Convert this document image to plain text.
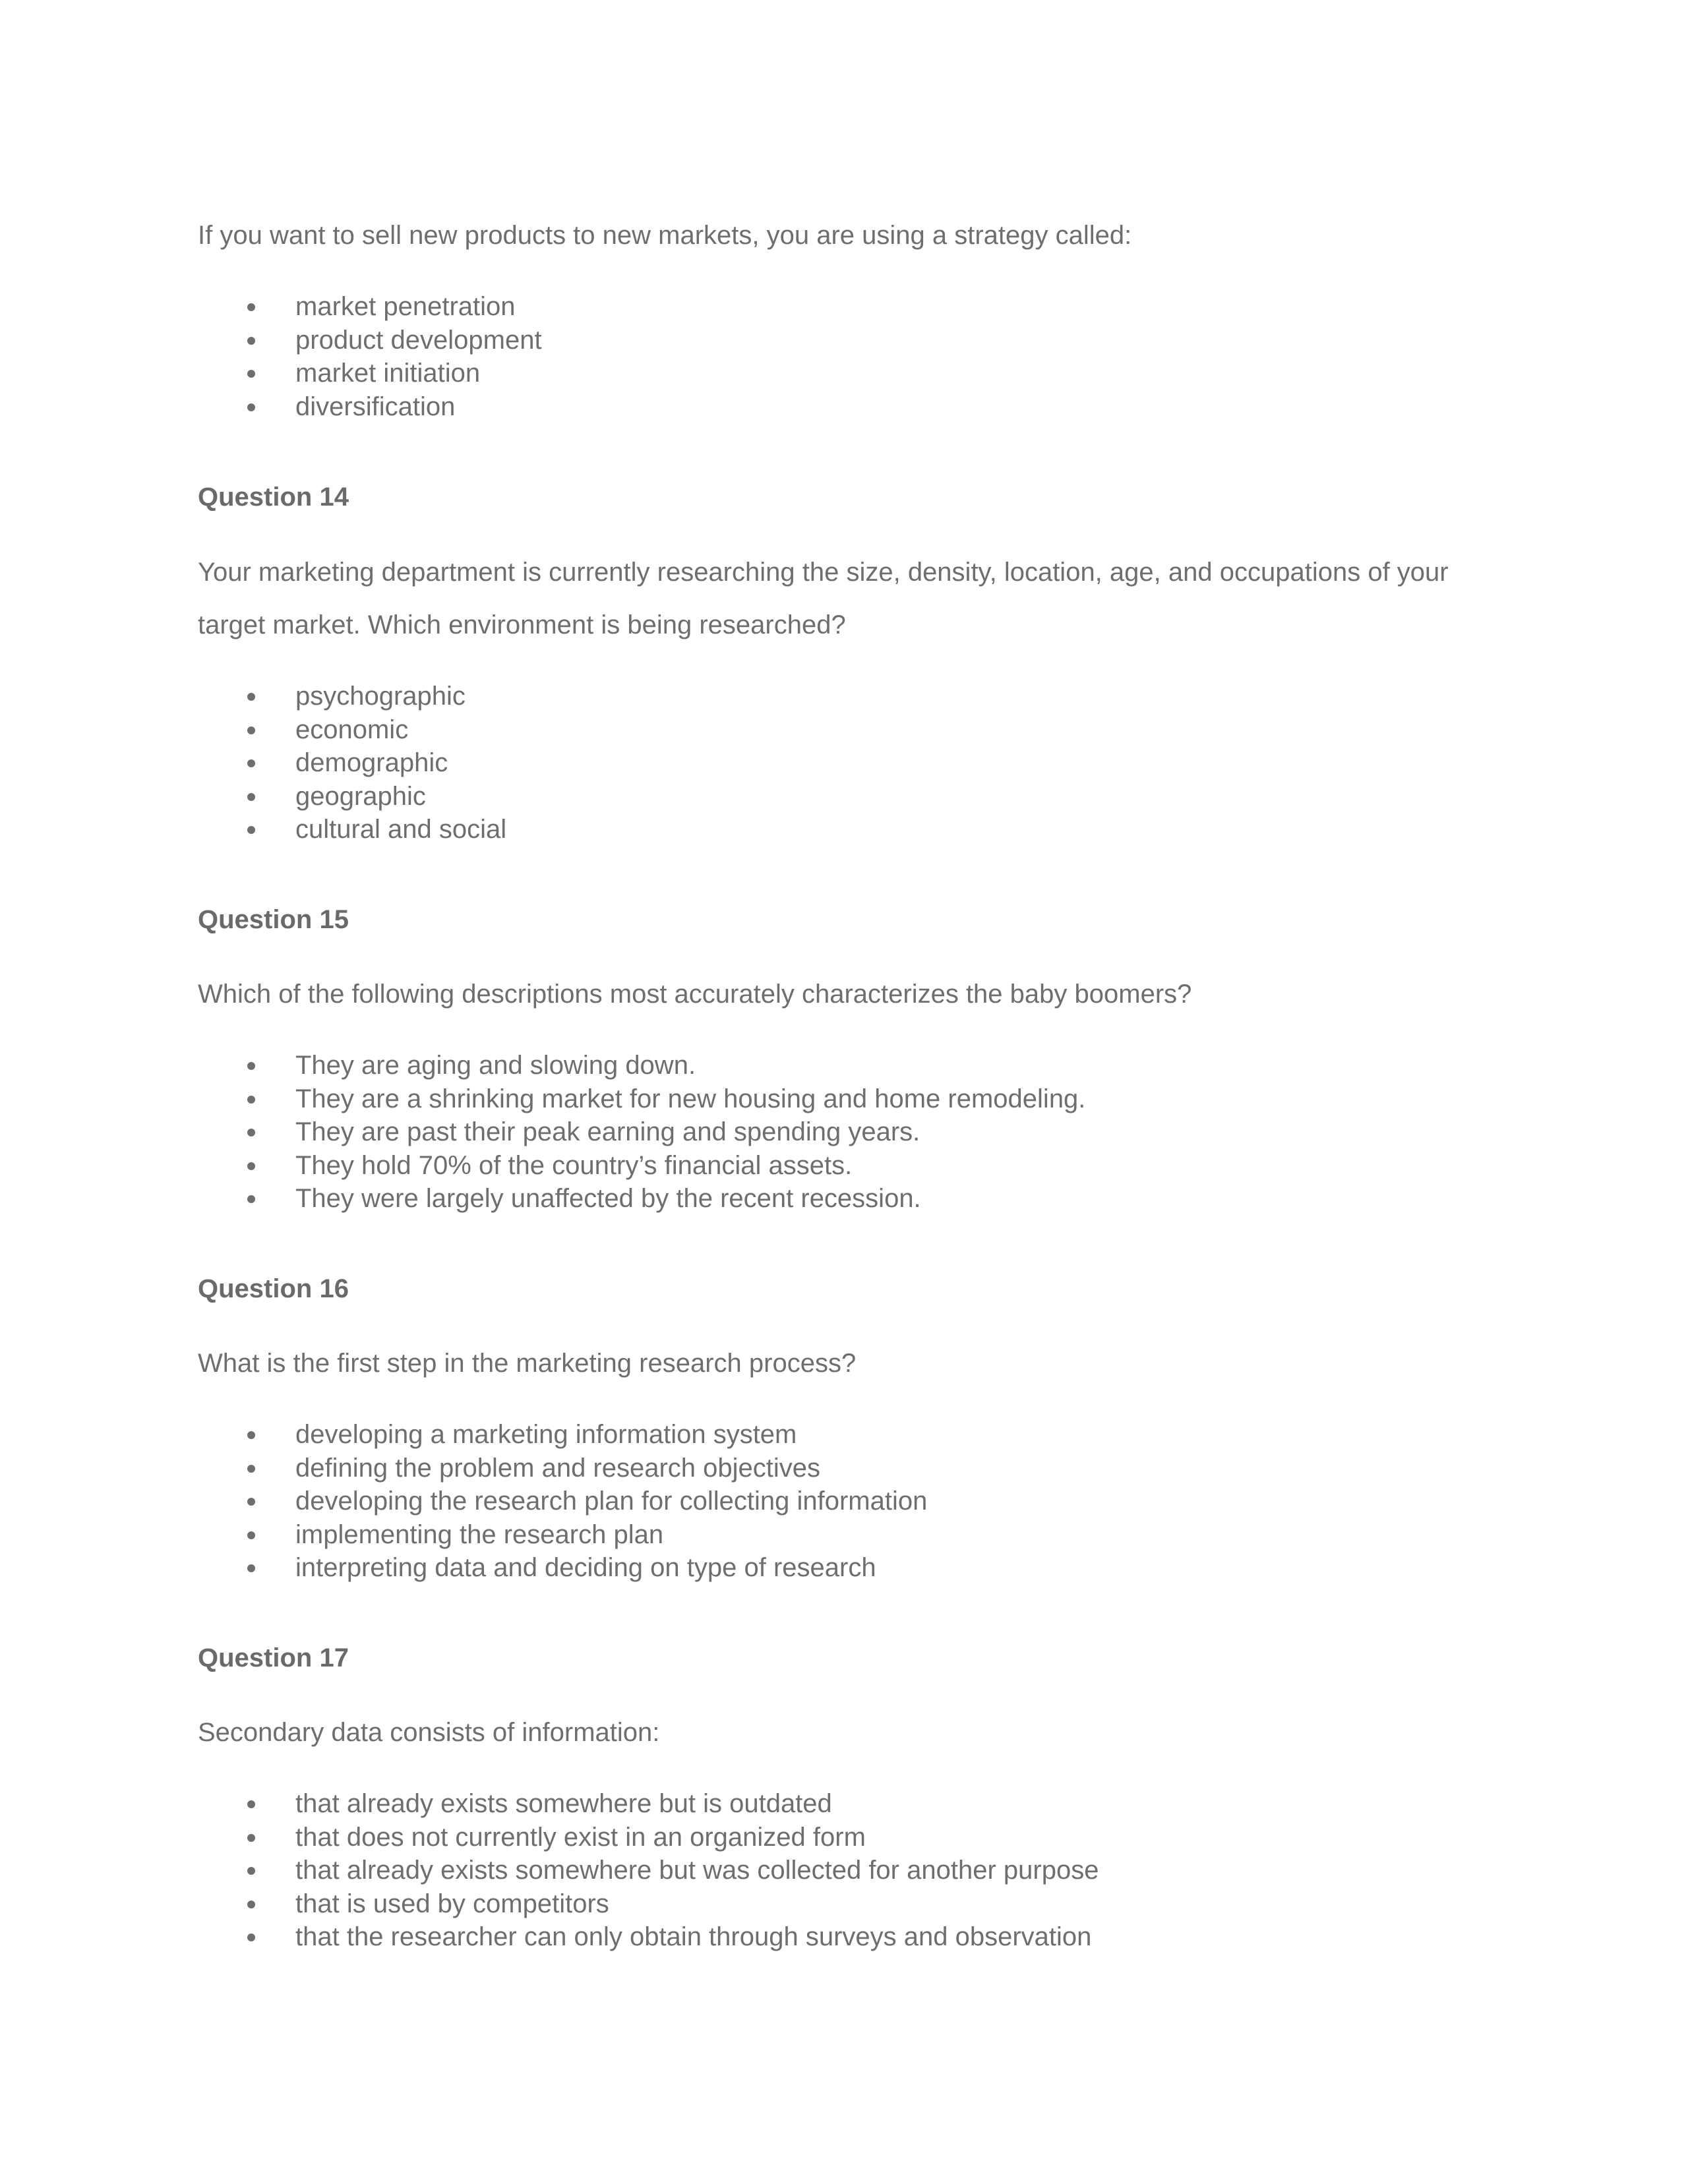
If you want to sell new products to new markets, you are using a strategy called:

market penetration
product development
market initiation
diversification

Question 14

Your marketing department is currently researching the size, density, location, age, and occupations of your target market. Which environment is being researched?

psychographic
economic
demographic
geographic
cultural and social

Question 15

Which of the following descriptions most accurately characterizes the baby boomers?

They are aging and slowing down.
They are a shrinking market for new housing and home remodeling.
They are past their peak earning and spending years.
They hold 70% of the country’s financial assets.
They were largely unaffected by the recent recession.

Question 16

What is the first step in the marketing research process?

developing a marketing information system
defining the problem and research objectives
developing the research plan for collecting information
implementing the research plan
interpreting data and deciding on type of research

Question 17

Secondary data consists of information:

that already exists somewhere but is outdated
that does not currently exist in an organized form
that already exists somewhere but was collected for another purpose
that is used by competitors
that the researcher can only obtain through surveys and observation
